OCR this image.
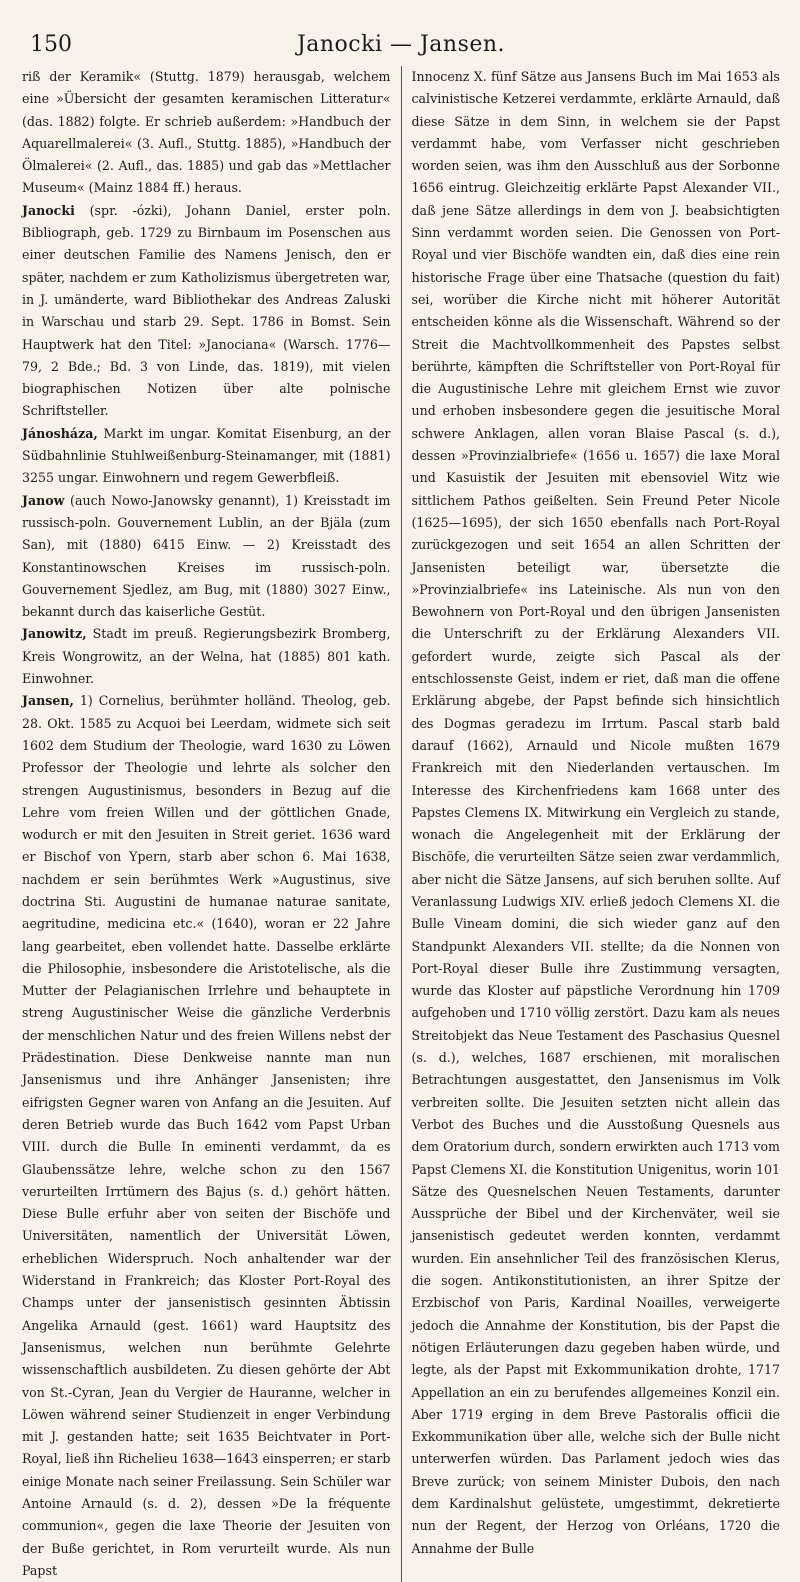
150	Janocki — Jansen.

riß der Keramik« (Stuttg. 1879) herausgab, welchem eine »Übersicht der gesamten keramischen Litteratur« (das. 1882) folgte. Er schrieb außerdem: »Handbuch der Aquarellmalerei« (3. Aufl., Stuttg. 1885), »Handbuch der Ölmalerei« (2. Aufl., das. 1885) und gab das »Mettlacher Museum« (Mainz 1884 ff.) heraus.

Janocki (spr. -ózki), Johann Daniel, erster poln. Bibliograph, geb. 1729 zu Birnbaum im Posenschen aus einer deutschen Familie des Namens Jenisch, den er später, nachdem er zum Katholizismus übergetreten war, in J. umänderte, ward Bibliothekar des Andreas Zaluski in Warschau und starb 29. Sept. 1786 in Bomst. Sein Hauptwerk hat den Titel: »Janociana« (Warsch. 1776—79, 2 Bde.; Bd. 3 von Linde, das. 1819), mit vielen biographischen Notizen über alte polnische Schriftsteller.

Jánosháza, Markt im ungar. Komitat Eisenburg, an der Südbahnlinie Stuhlweißenburg-Steinamanger, mit (1881) 3255 ungar. Einwohnern und regem Gewerbfleiß.

Janow (auch Nowo-Janowsky genannt), 1) Kreisstadt im russisch-poln. Gouvernement Lublin, an der Bjäla (zum San), mit (1880) 6415 Einw. — 2) Kreisstadt des Konstantinowschen Kreises im russisch-poln. Gouvernement Sjedlez, am Bug, mit (1880) 3027 Einw., bekannt durch das kaiserliche Gestüt.

Janowitz, Stadt im preuß. Regierungsbezirk Bromberg, Kreis Wongrowitz, an der Welna, hat (1885) 801 kath. Einwohner.

Jansen, 1) Cornelius, berühmter holländ. Theolog, geb. 28. Okt. 1585 zu Acquoi bei Leerdam, widmete sich seit 1602 dem Studium der Theologie, ward 1630 zu Löwen Professor der Theologie und lehrte als solcher den strengen Augustinismus, besonders in Bezug auf die Lehre vom freien Willen und der göttlichen Gnade, wodurch er mit den Jesuiten in Streit geriet. 1636 ward er Bischof von Ypern, starb aber schon 6. Mai 1638, nachdem er sein berühmtes Werk »Augustinus, sive doctrina Sti. Augustini de humanae naturae sanitate, aegritudine, medicina etc.« (1640), woran er 22 Jahre lang gearbeitet, eben vollendet hatte. Dasselbe erklärte die Philosophie, insbesondere die Aristotelische, als die Mutter der Pelagianischen Irrlehre und behauptete in streng Augustinischer Weise die gänzliche Verderbnis der menschlichen Natur und des freien Willens nebst der Prädestination. Diese Denkweise nannte man nun Jansenismus und ihre Anhänger Jansenisten; ihre eifrigsten Gegner waren von Anfang an die Jesuiten. Auf deren Betrieb wurde das Buch 1642 vom Papst Urban VIII. durch die Bulle In eminenti verdammt, da es Glaubenssätze lehre, welche schon zu den 1567 verurteilten Irrtümern des Bajus (s. d.) gehört hätten. Diese Bulle erfuhr aber von seiten der Bischöfe und Universitäten, namentlich der Universität Löwen, erheblichen Widerspruch. Noch anhaltender war der Widerstand in Frankreich; das Kloster Port-Royal des Champs unter der jansenistisch gesinnten Äbtissin Angelika Arnauld (gest. 1661) ward Hauptsitz des Jansenismus, welchen nun berühmte Gelehrte wissenschaftlich ausbildeten. Zu diesen gehörte der Abt von St.-Cyran, Jean du Vergier de Hauranne, welcher in Löwen während seiner Studienzeit in enger Verbindung mit J. gestanden hatte; seit 1635 Beichtvater in Port-Royal, ließ ihn Richelieu 1638—1643 einsperren; er starb einige Monate nach seiner Freilassung. Sein Schüler war Antoine Arnauld (s. d. 2), dessen »De la fréquente communion«, gegen die laxe Theorie der Jesuiten von der Buße gerichtet, in Rom verurteilt wurde. Als nun Papst

Innocenz X. fünf Sätze aus Jansens Buch im Mai 1653 als calvinistische Ketzerei verdammte, erklärte Arnauld, daß diese Sätze in dem Sinn, in welchem sie der Papst verdammt habe, vom Verfasser nicht geschrieben worden seien, was ihm den Ausschluß aus der Sorbonne 1656 eintrug. Gleichzeitig erklärte Papst Alexander VII., daß jene Sätze allerdings in dem von J. beabsichtigten Sinn verdammt worden seien. Die Genossen von Port-Royal und vier Bischöfe wandten ein, daß dies eine rein historische Frage über eine Thatsache (question du fait) sei, worüber die Kirche nicht mit höherer Autorität entscheiden könne als die Wissenschaft. Während so der Streit die Machtvollkommenheit des Papstes selbst berührte, kämpften die Schriftsteller von Port-Royal für die Augustinische Lehre mit gleichem Ernst wie zuvor und erhoben insbesondere gegen die jesuitische Moral schwere Anklagen, allen voran Blaise Pascal (s. d.), dessen »Provinzialbriefe« (1656 u. 1657) die laxe Moral und Kasuistik der Jesuiten mit ebensoviel Witz wie sittlichem Pathos geißelten. Sein Freund Peter Nicole (1625—1695), der sich 1650 ebenfalls nach Port-Royal zurückgezogen und seit 1654 an allen Schritten der Jansenisten beteiligt war, übersetzte die »Provinzialbriefe« ins Lateinische. Als nun von den Bewohnern von Port-Royal und den übrigen Jansenisten die Unterschrift zu der Erklärung Alexanders VII. gefordert wurde, zeigte sich Pascal als der entschlossenste Geist, indem er riet, daß man die offene Erklärung abgebe, der Papst befinde sich hinsichtlich des Dogmas geradezu im Irrtum. Pascal starb bald darauf (1662), Arnauld und Nicole mußten 1679 Frankreich mit den Niederlanden vertauschen. Im Interesse des Kirchenfriedens kam 1668 unter des Papstes Clemens IX. Mitwirkung ein Vergleich zu stande, wonach die Angelegenheit mit der Erklärung der Bischöfe, die verurteilten Sätze seien zwar verdammlich, aber nicht die Sätze Jansens, auf sich beruhen sollte. Auf Veranlassung Ludwigs XIV. erließ jedoch Clemens XI. die Bulle Vineam domini, die sich wieder ganz auf den Standpunkt Alexanders VII. stellte; da die Nonnen von Port-Royal dieser Bulle ihre Zustimmung versagten, wurde das Kloster auf päpstliche Verordnung hin 1709 aufgehoben und 1710 völlig zerstört. Dazu kam als neues Streitobjekt das Neue Testament des Paschasius Quesnel (s. d.), welches, 1687 erschienen, mit moralischen Betrachtungen ausgestattet, den Jansenismus im Volk verbreiten sollte. Die Jesuiten setzten nicht allein das Verbot des Buches und die Ausstoßung Quesnels aus dem Oratorium durch, sondern erwirkten auch 1713 vom Papst Clemens XI. die Konstitution Unigenitus, worin 101 Sätze des Quesnelschen Neuen Testaments, darunter Aussprüche der Bibel und der Kirchenväter, weil sie jansenistisch gedeutet werden konnten, verdammt wurden. Ein ansehnlicher Teil des französischen Klerus, die sogen. Antikonstitutionisten, an ihrer Spitze der Erzbischof von Paris, Kardinal Noailles, verweigerte jedoch die Annahme der Konstitution, bis der Papst die nötigen Erläuterungen dazu gegeben haben würde, und legte, als der Papst mit Exkommunikation drohte, 1717 Appellation an ein zu berufendes allgemeines Konzil ein. Aber 1719 erging in dem Breve Pastoralis officii die Exkommunikation über alle, welche sich der Bulle nicht unterwerfen würden. Das Parlament jedoch wies das Breve zurück; von seinem Minister Dubois, den nach dem Kardinalshut gelüstete, umgestimmt, dekretierte nun der Regent, der Herzog von Orléans, 1720 die Annahme der Bulle
